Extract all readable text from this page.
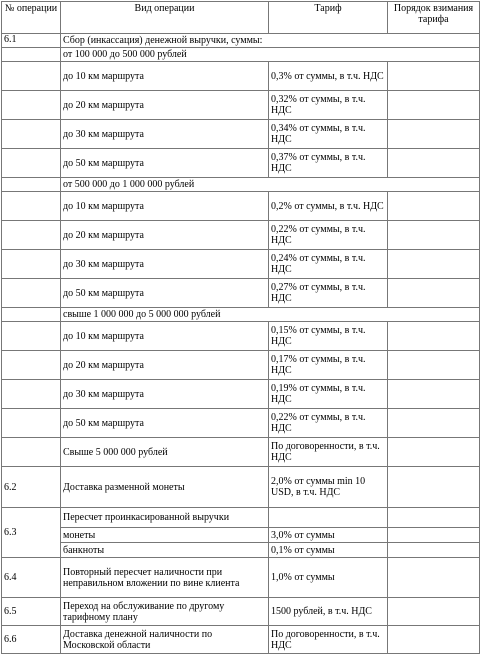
№ операции	Вид операции	Тариф	Порядок взимания тарифа
6.1	Сбор (инкассация) денежной выручки, суммы:		
	от 100 000 до 500 000 рублей		
	до 10 км маршрута	0,3% от суммы, в т.ч. НДС	
	до 20 км маршрута	0,32% от суммы, в т.ч. НДС	
	до 30 км маршрута	0,34% от суммы, в т.ч. НДС	
	до 50 км маршрута	0,37% от суммы, в т.ч. НДС	
	от 500 000 до 1 000 000 рублей		
	до 10 км маршрута	0,2% от суммы, в т.ч. НДС	
	до 20 км маршрута	0,22% от суммы, в т.ч. НДС	
	до 30 км маршрута	0,24% от суммы, в т.ч. НДС	
	до 50 км маршрута	0,27% от суммы, в т.ч. НДС	
	свыше 1 000 000 до 5 000 000 рублей		
	до 10 км маршрута	0,15% от суммы, в т.ч. НДС	
	до 20 км маршрута	0,17% от суммы, в т.ч. НДС	
	до 30 км маршрута	0,19% от суммы, в т.ч. НДС	
	до 50 км маршрута	0,22% от суммы, в т.ч. НДС	
	Свыше 5 000 000 рублей	По договоренности, в т.ч. НДС	
6.2	Доставка разменной монеты	2,0% от суммы min 10 USD, в т.ч. НДС	
6.3	Пересчет проинкасированной выручки		
	монеты	3,0% от суммы	
	банкноты	0,1% от суммы	
6.4	Повторный пересчет наличности при неправильном вложении по вине клиента	1,0% от суммы	
6.5	Переход на обслуживание по другому тарифному плану	1500 рублей, в т.ч. НДС	
6.6	Доставка денежной наличности по Московской области	По договоренности, в т.ч. НДС	
